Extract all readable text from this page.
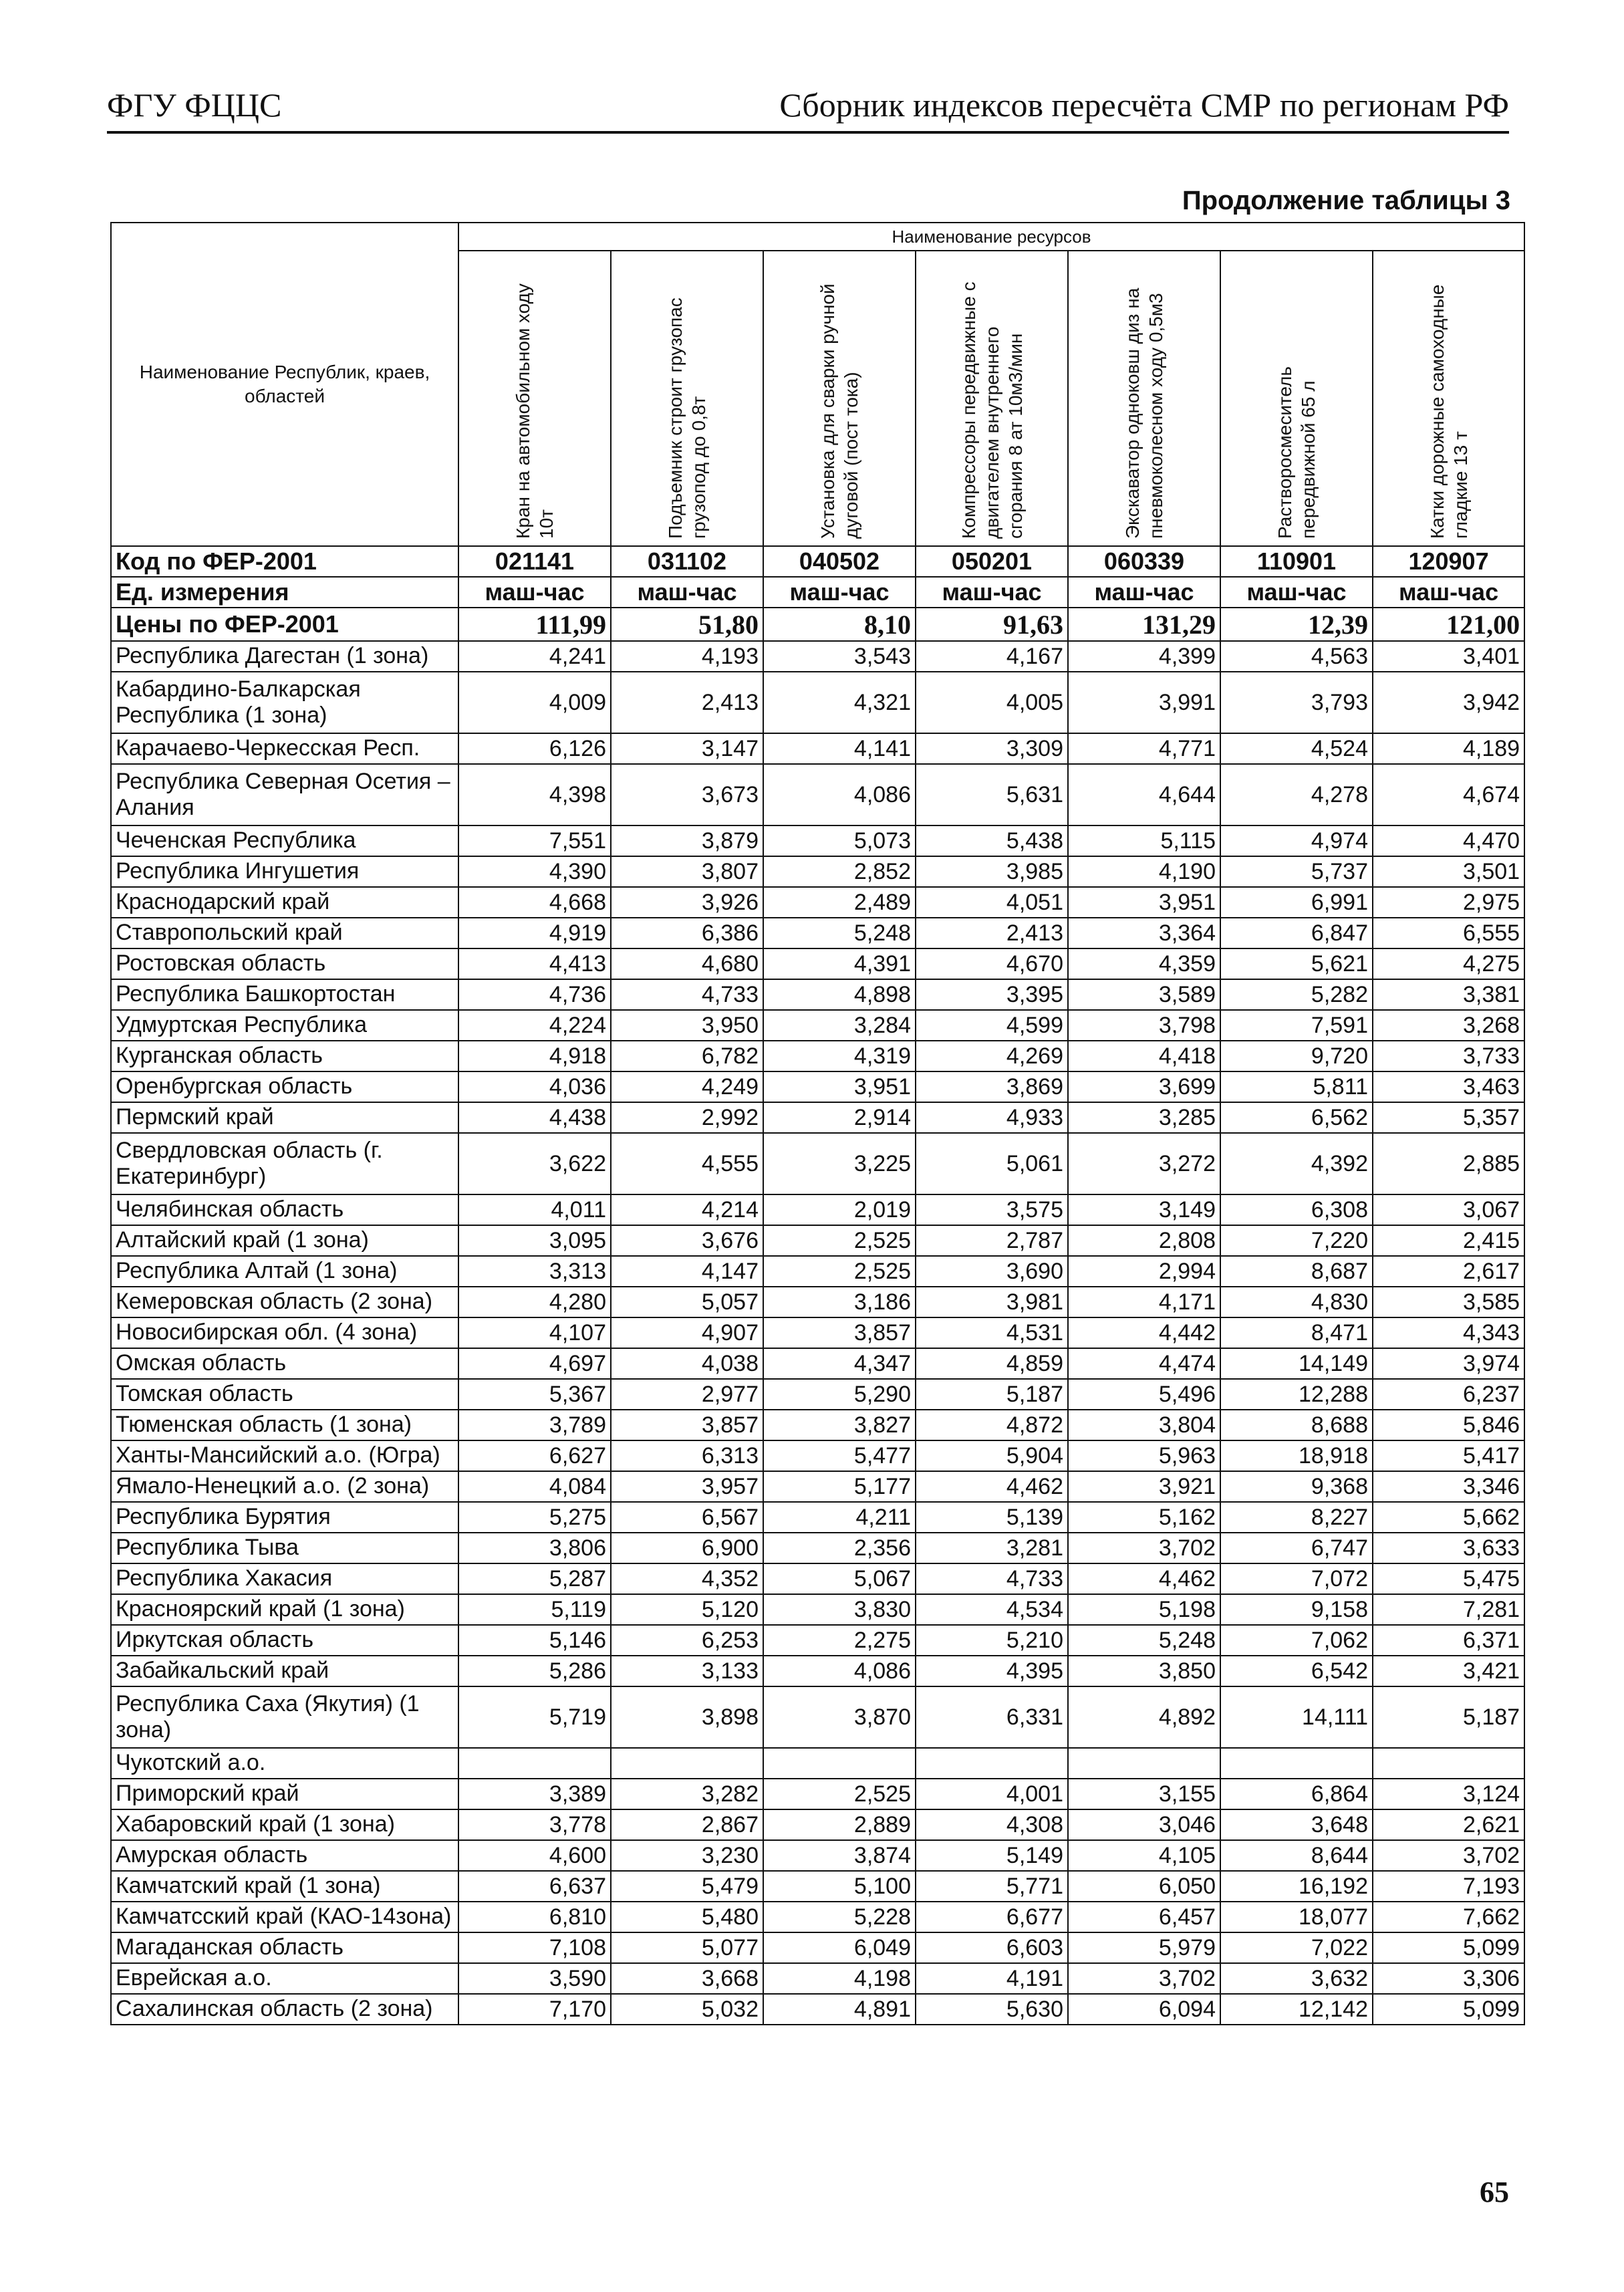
ФГУ ФЦЦС	Сборник индексов пересчёта СМР по регионам РФ
Продолжение таблицы 3
Наименование Республик, краев, областей	Наименование ресурсов						

	Кран на автомобильном ходу 10т	Подъемник строит грузопас грузопод до 0,8т	Установка для сварки ручной дуговой (пост тока)	Компрессоры передвижные с двигателем внутреннего сгорания 8 ат 10м3/мин	Экскаватор одноковш диз на пневмоколесном ходу 0,5м3	Растворосмеситель передвижной 65 л	Катки дорожные самоходные гладкие 13 т

Код по ФЕР-2001	021141	031102	040502	050201	060339	110901	120907
Ед. измерения	маш-час	маш-час	маш-час	маш-час	маш-час	маш-час	маш-час
Цены по ФЕР-2001	111,99	51,80	8,10	91,63	131,29	12,39	121,00
Республика Дагестан (1 зона)	4,241	4,193	3,543	4,167	4,399	4,563	3,401
Кабардино-Балкарская Республика (1 зона)	4,009	2,413	4,321	4,005	3,991	3,793	3,942
Карачаево-Черкесская Респ.	6,126	3,147	4,141	3,309	4,771	4,524	4,189
Республика Северная Осетия – Алания	4,398	3,673	4,086	5,631	4,644	4,278	4,674
Чеченская Республика	7,551	3,879	5,073	5,438	5,115	4,974	4,470
Республика Ингушетия	4,390	3,807	2,852	3,985	4,190	5,737	3,501
Краснодарский край	4,668	3,926	2,489	4,051	3,951	6,991	2,975
Ставропольский край	4,919	6,386	5,248	2,413	3,364	6,847	6,555
Ростовская область	4,413	4,680	4,391	4,670	4,359	5,621	4,275
Республика Башкортостан	4,736	4,733	4,898	3,395	3,589	5,282	3,381
Удмуртская Республика	4,224	3,950	3,284	4,599	3,798	7,591	3,268
Курганская область	4,918	6,782	4,319	4,269	4,418	9,720	3,733
Оренбургская область	4,036	4,249	3,951	3,869	3,699	5,811	3,463
Пермский край	4,438	2,992	2,914	4,933	3,285	6,562	5,357
Свердловская область (г. Екатеринбург)	3,622	4,555	3,225	5,061	3,272	4,392	2,885
Челябинская область	4,011	4,214	2,019	3,575	3,149	6,308	3,067
Алтайский край (1 зона)	3,095	3,676	2,525	2,787	2,808	7,220	2,415
Республика Алтай (1 зона)	3,313	4,147	2,525	3,690	2,994	8,687	2,617
Кемеровская область (2 зона)	4,280	5,057	3,186	3,981	4,171	4,830	3,585
Новосибирская обл. (4 зона)	4,107	4,907	3,857	4,531	4,442	8,471	4,343
Омская область	4,697	4,038	4,347	4,859	4,474	14,149	3,974
Томская область	5,367	2,977	5,290	5,187	5,496	12,288	6,237
Тюменская область (1 зона)	3,789	3,857	3,827	4,872	3,804	8,688	5,846
Ханты-Мансийский а.о. (Югра)	6,627	6,313	5,477	5,904	5,963	18,918	5,417
Ямало-Ненецкий а.о. (2 зона)	4,084	3,957	5,177	4,462	3,921	9,368	3,346
Республика Бурятия	5,275	6,567	4,211	5,139	5,162	8,227	5,662
Республика Тыва	3,806	6,900	2,356	3,281	3,702	6,747	3,633
Республика Хакасия	5,287	4,352	5,067	4,733	4,462	7,072	5,475
Красноярский край (1 зона)	5,119	5,120	3,830	4,534	5,198	9,158	7,281
Иркутская область	5,146	6,253	2,275	5,210	5,248	7,062	6,371
Забайкальский край	5,286	3,133	4,086	4,395	3,850	6,542	3,421
Республика Саха (Якутия) (1 зона)	5,719	3,898	3,870	6,331	4,892	14,111	5,187
Чукотский а.о.							
Приморский край	3,389	3,282	2,525	4,001	3,155	6,864	3,124
Хабаровский край (1 зона)	3,778	2,867	2,889	4,308	3,046	3,648	2,621
Амурская область	4,600	3,230	3,874	5,149	4,105	8,644	3,702
Камчатский край (1 зона)	6,637	5,479	5,100	5,771	6,050	16,192	7,193
Камчатсский край (КАО-14зона)	6,810	5,480	5,228	6,677	6,457	18,077	7,662
Магаданская область	7,108	5,077	6,049	6,603	5,979	7,022	5,099
Еврейская а.о.	3,590	3,668	4,198	4,191	3,702	3,632	3,306
Сахалинская область (2 зона)	7,170	5,032	4,891	5,630	6,094	12,142	5,099
65
